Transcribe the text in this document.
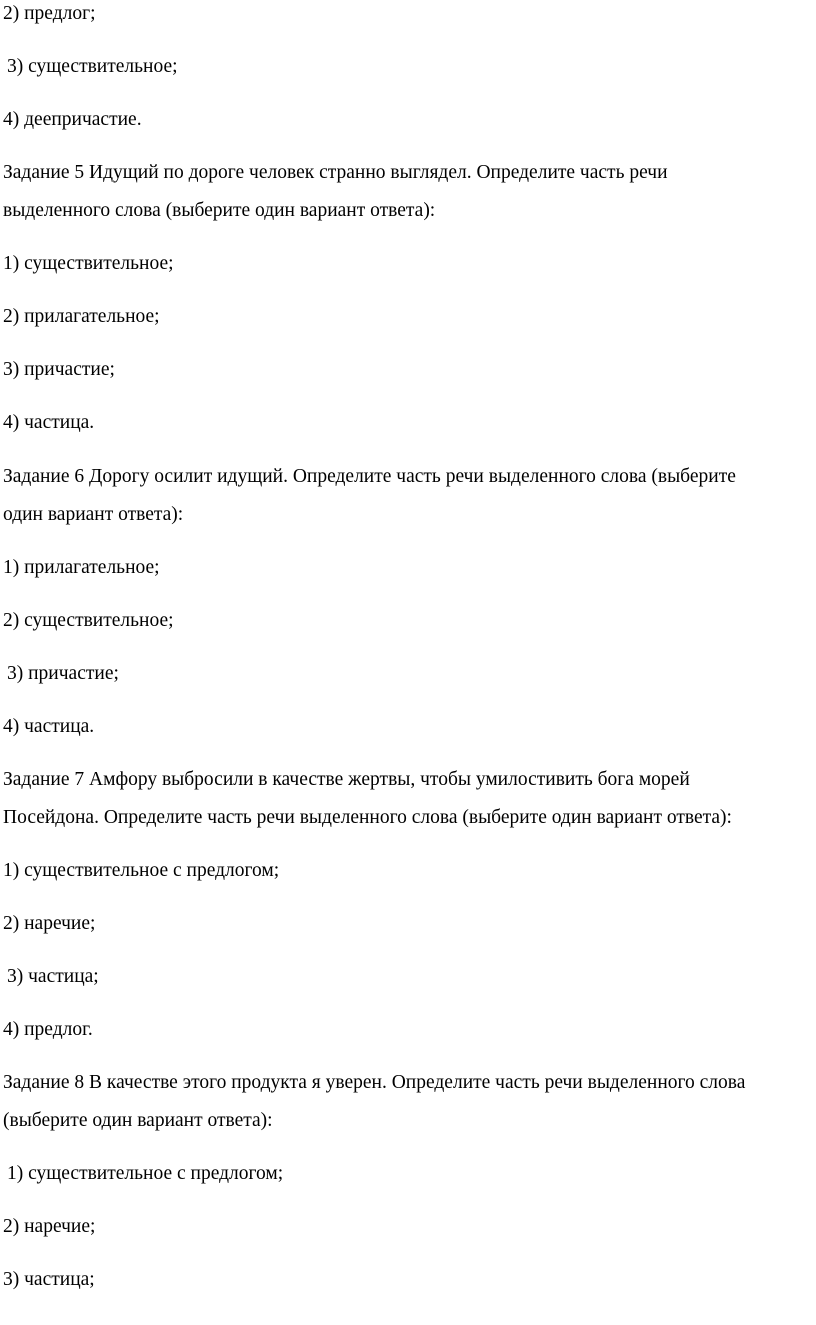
2) предлог;
3) существительное;
4) деепричастие.
Задание 5 Идущий по дороге человек странно выглядел. Определите часть речи
выделенного слова (выберите один вариант ответа):
1) существительное;
2) прилагательное;
3) причастие;
4) частица.
Задание 6 Дорогу осилит идущий. Определите часть речи выделенного слова (выберите
один вариант ответа):
1) прилагательное;
2) существительное;
3) причастие;
4) частица.
Задание 7 Амфору выбросили в качестве жертвы, чтобы умилостивить бога морей
Посейдона. Определите часть речи выделенного слова (выберите один вариант ответа):
1) существительное с предлогом;
2) наречие;
3) частица;
4) предлог.
Задание 8 В качестве этого продукта я уверен. Определите часть речи выделенного слова
(выберите один вариант ответа):
1) существительное с предлогом;
2) наречие;
3) частица;
